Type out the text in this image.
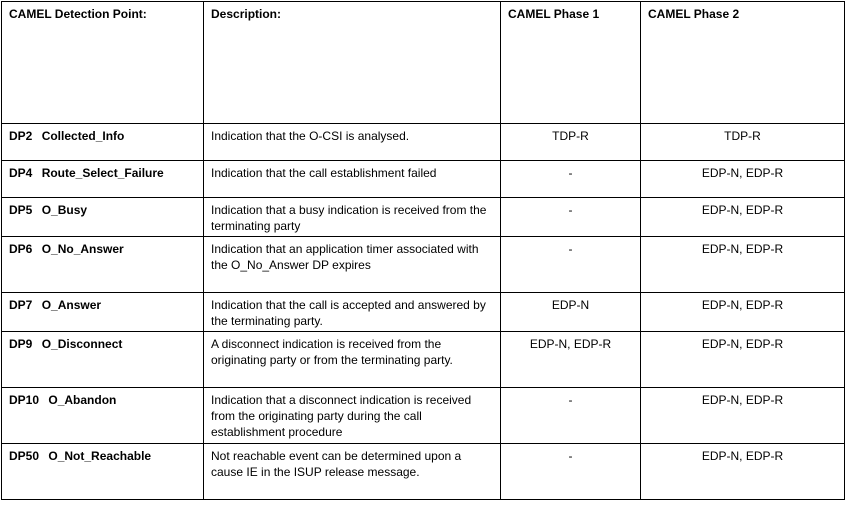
CAMEL Detection Point:	Description:	CAMEL Phase 1	CAMEL Phase 2
DP2 Collected_Info	Indication that the O-CSI is analysed.	TDP-R	TDP-R
DP4 Route_Select_Failure	Indication that the call establishment failed	-	EDP-N, EDP-R
DP5 O_Busy	Indication that a busy indication is received from the terminating party	-	EDP-N, EDP-R
DP6 O_No_Answer	Indication that an application timer associated with the O_No_Answer DP expires	-	EDP-N, EDP-R
DP7 O_Answer	Indication that the call is accepted and answered by the terminating party.	EDP-N	EDP-N, EDP-R
DP9 O_Disconnect	A disconnect indication is received from the originating party or from the terminating party.	EDP-N, EDP-R	EDP-N, EDP-R
DP10 O_Abandon	Indication that a disconnect indication is received from the originating party during the call establishment procedure	-	EDP-N, EDP-R
DP50 O_Not_Reachable	Not reachable event can be determined upon a cause IE in the ISUP release message.	-	EDP-N, EDP-R
